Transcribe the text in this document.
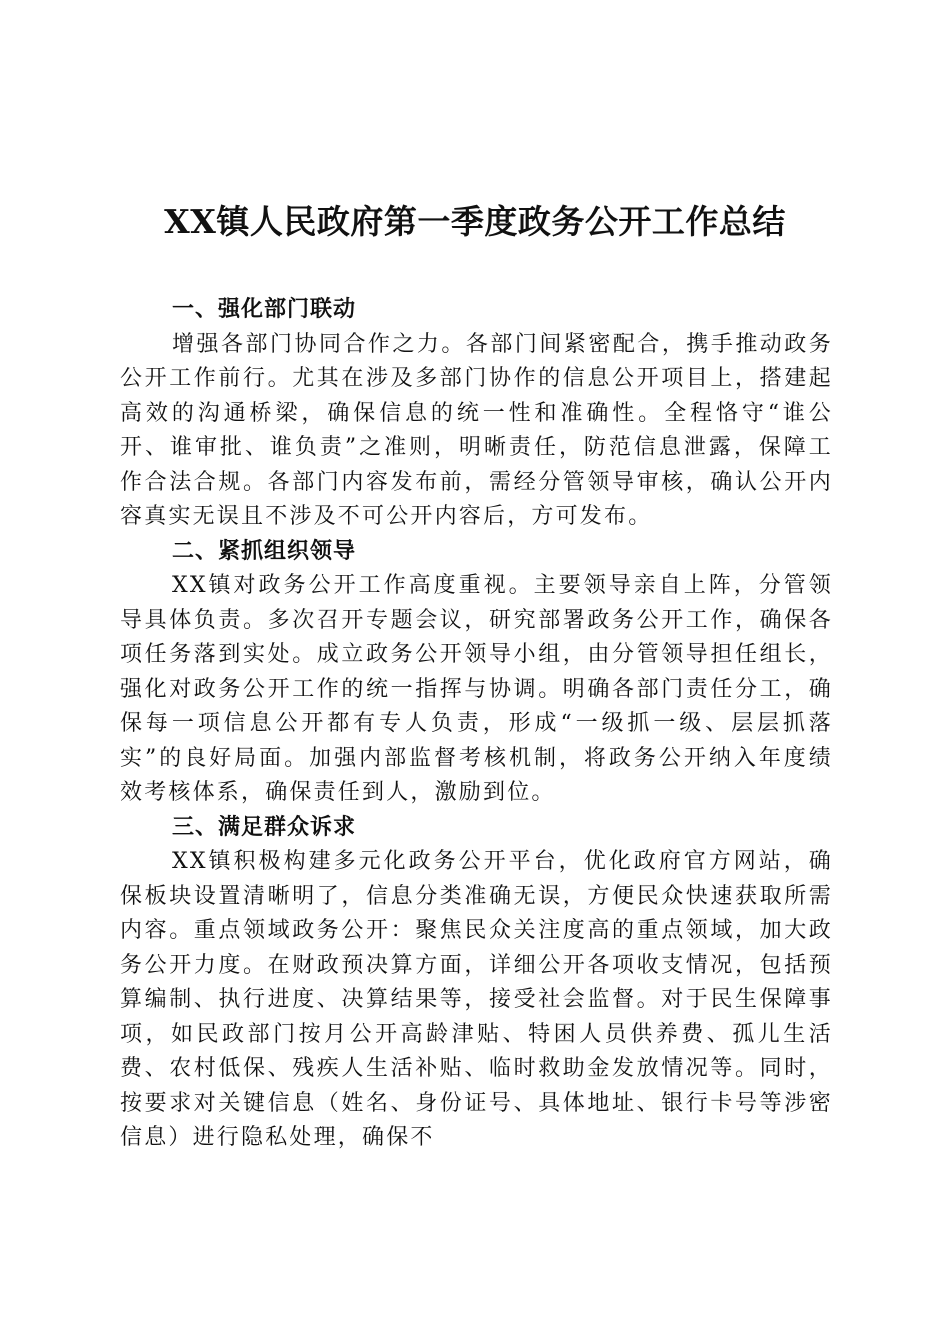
XX镇人民政府第一季度政务公开工作总结

一、强化部门联动

增强各部门协同合作之力。各部门间紧密配合，携手推动政务公开工作前行。尤其在涉及多部门协作的信息公开项目上，搭建起高效的沟通桥梁，确保信息的统一性和准确性。全程恪守“谁公开、谁审批、谁负责”之准则，明晰责任，防范信息泄露，保障工作合法合规。各部门内容发布前，需经分管领导审核，确认公开内容真实无误且不涉及不可公开内容后，方可发布。

二、紧抓组织领导

XX镇对政务公开工作高度重视。主要领导亲自上阵，分管领导具体负责。多次召开专题会议，研究部署政务公开工作，确保各项任务落到实处。成立政务公开领导小组，由分管领导担任组长，强化对政务公开工作的统一指挥与协调。明确各部门责任分工，确保每一项信息公开都有专人负责，形成“一级抓一级、层层抓落实”的良好局面。加强内部监督考核机制，将政务公开纳入年度绩效考核体系，确保责任到人，激励到位。

三、满足群众诉求

XX镇积极构建多元化政务公开平台，优化政府官方网站，确保板块设置清晰明了，信息分类准确无误，方便民众快速获取所需内容。重点领域政务公开：聚焦民众关注度高的重点领域，加大政务公开力度。在财政预决算方面，详细公开各项收支情况，包括预算编制、执行进度、决算结果等，接受社会监督。对于民生保障事项，如民政部门按月公开高龄津贴、特困人员供养费、孤儿生活费、农村低保、残疾人生活补贴、临时救助金发放情况等。同时，按要求对关键信息（姓名、身份证号、具体地址、银行卡号等涉密信息）进行隐私处理，确保不
